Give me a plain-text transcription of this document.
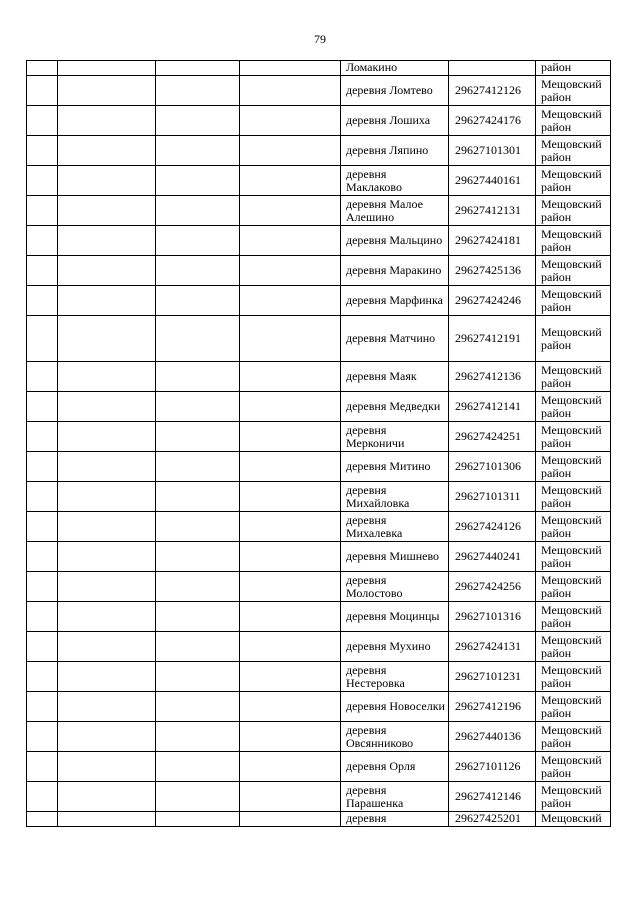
79
				Ломакино		район
				деревня Ломтево	29627412126	Мещовский район
				деревня Лошиха	29627424176	Мещовский район
				деревня Ляпино	29627101301	Мещовский район
				деревня Маклаково	29627440161	Мещовский район
				деревня Малое Алешино	29627412131	Мещовский район
				деревня Мальцино	29627424181	Мещовский район
				деревня Маракино	29627425136	Мещовский район
				деревня Марфинка	29627424246	Мещовский район
				деревня Матчино	29627412191	Мещовский район
				деревня Маяк	29627412136	Мещовский район
				деревня Медведки	29627412141	Мещовский район
				деревня Мерконичи	29627424251	Мещовский район
				деревня Митино	29627101306	Мещовский район
				деревня Михайловка	29627101311	Мещовский район
				деревня Михалевка	29627424126	Мещовский район
				деревня Мишнево	29627440241	Мещовский район
				деревня Молостово	29627424256	Мещовский район
				деревня Моцинцы	29627101316	Мещовский район
				деревня Мухино	29627424131	Мещовский район
				деревня Нестеровка	29627101231	Мещовский район
				деревня Новоселки	29627412196	Мещовский район
				деревня Овсянниково	29627440136	Мещовский район
				деревня Орля	29627101126	Мещовский район
				деревня Парашенка	29627412146	Мещовский район
				деревня	29627425201	Мещовский
